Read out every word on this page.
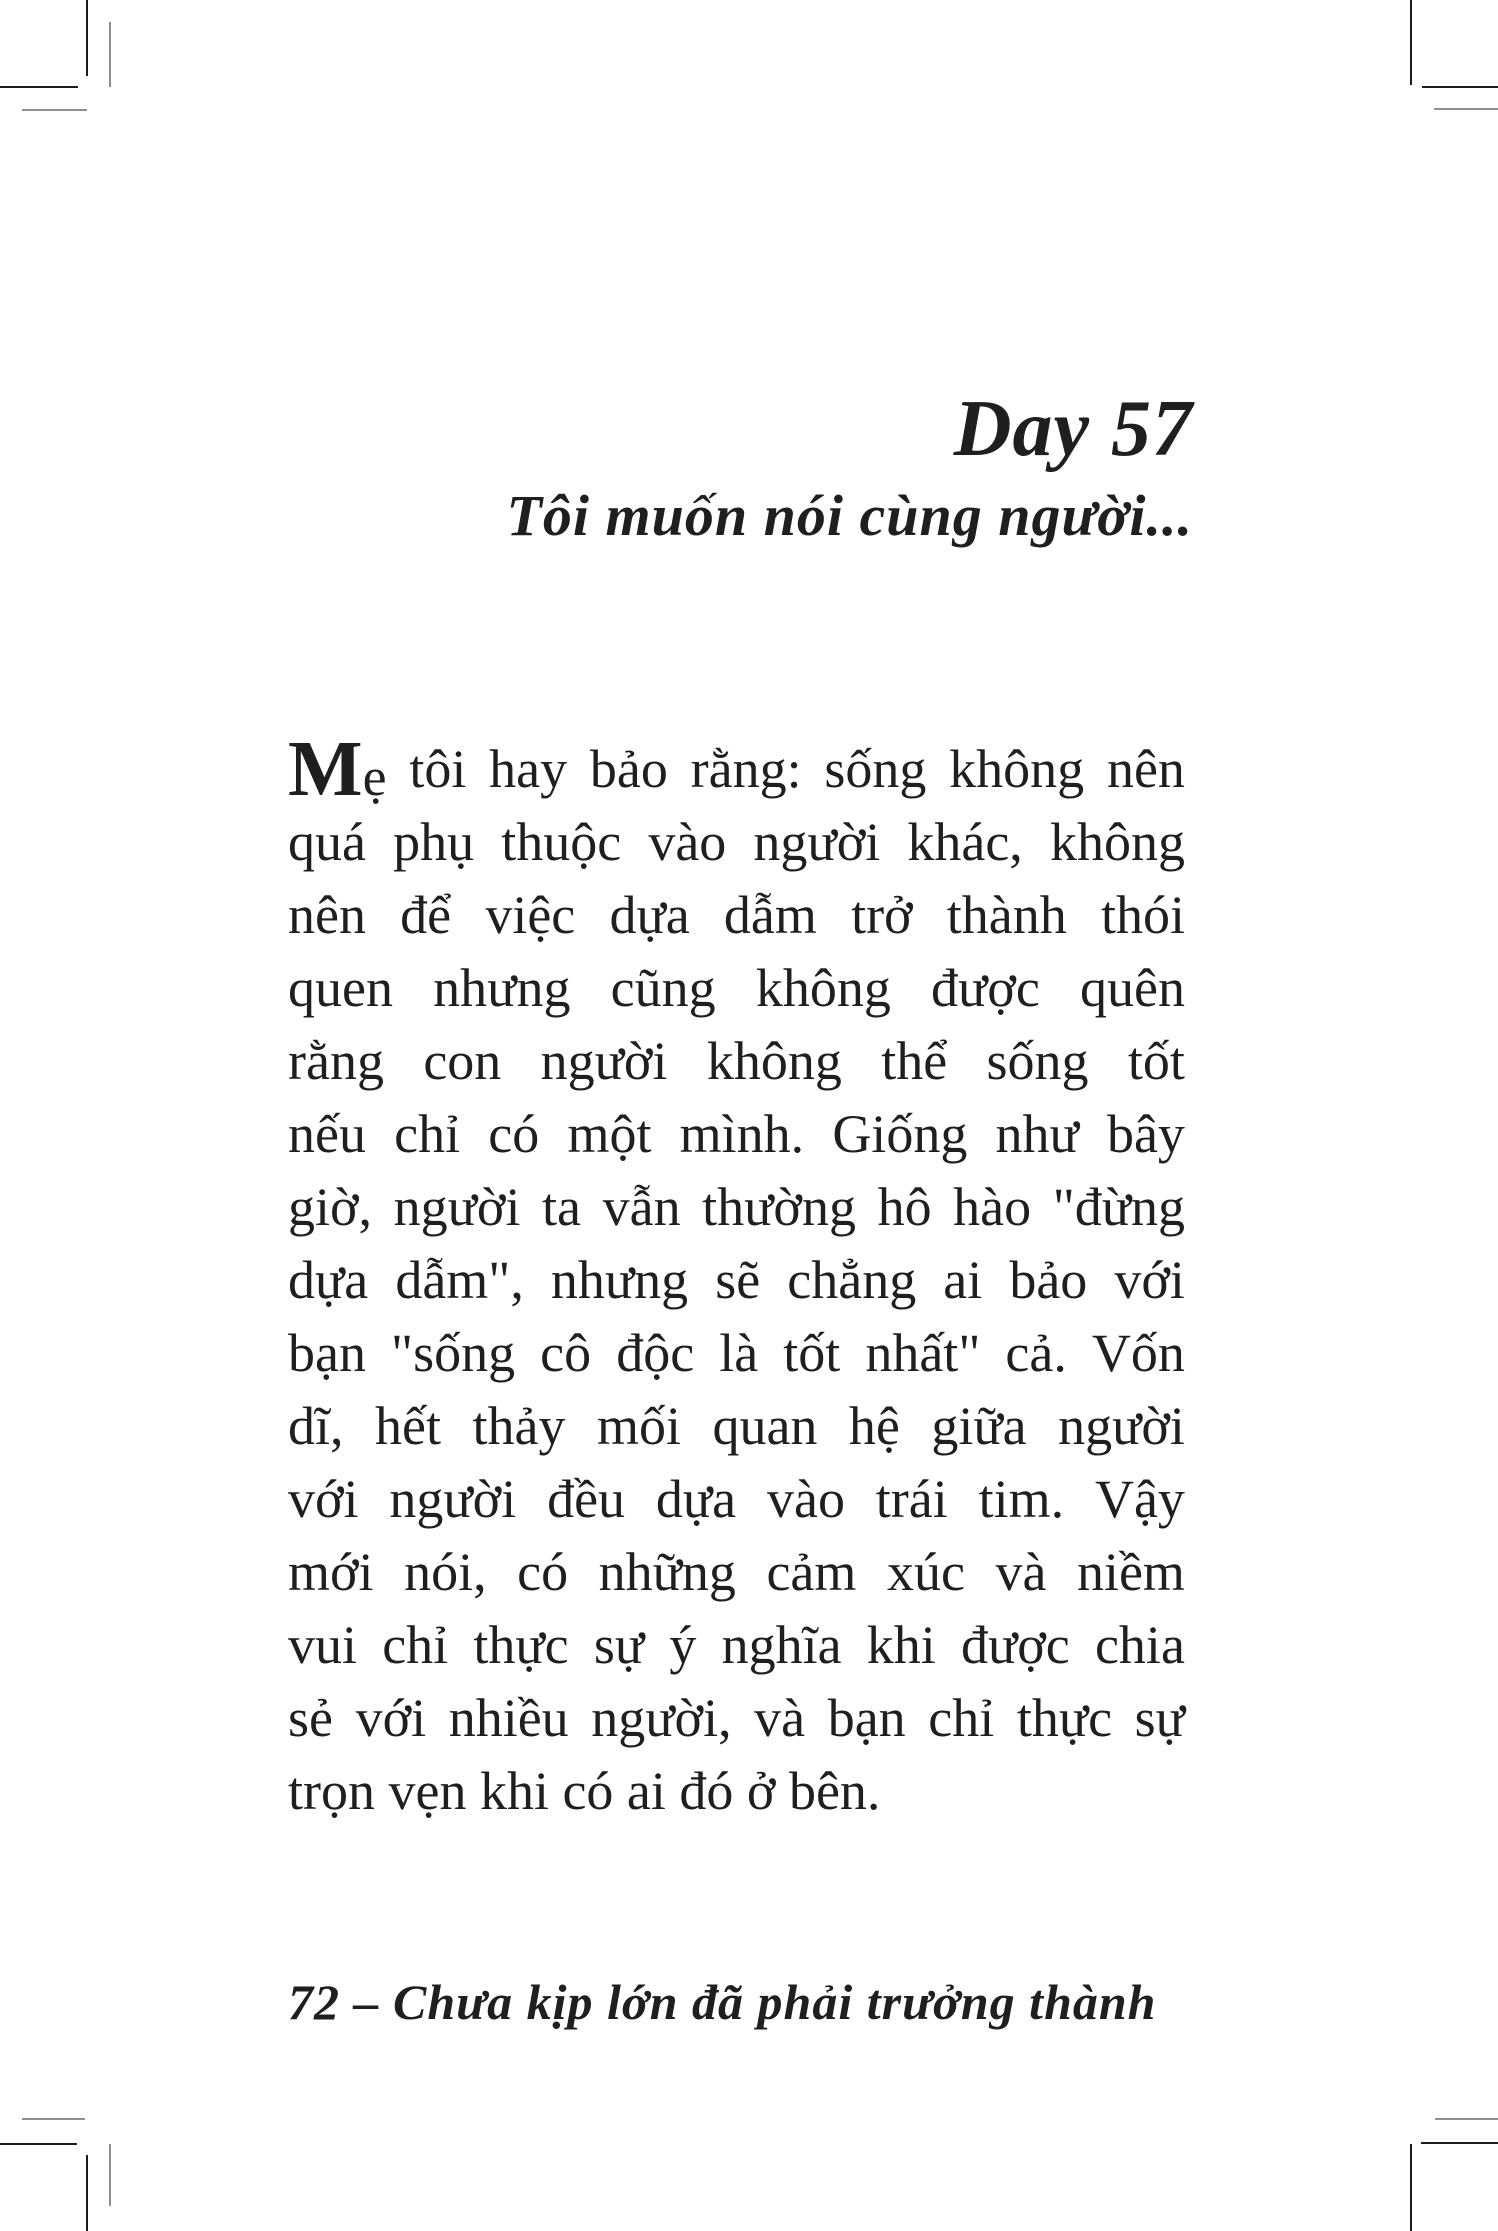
Day 57
Tôi muốn nói cùng người...
Mẹ tôi hay bảo rằng: sống không nên
quá phụ thuộc vào người khác, không
nên để việc dựa dẫm trở thành thói
quen nhưng cũng không được quên
rằng con người không thể sống tốt
nếu chỉ có một mình. Giống như bây
giờ, người ta vẫn thường hô hào "đừng
dựa dẫm", nhưng sẽ chẳng ai bảo với
bạn "sống cô độc là tốt nhất" cả. Vốn
dĩ, hết thảy mối quan hệ giữa người
với người đều dựa vào trái tim. Vậy
mới nói, có những cảm xúc và niềm
vui chỉ thực sự ý nghĩa khi được chia
sẻ với nhiều người, và bạn chỉ thực sự
trọn vẹn khi có ai đó ở bên.
72 – Chưa kịp lớn đã phải trưởng thành
